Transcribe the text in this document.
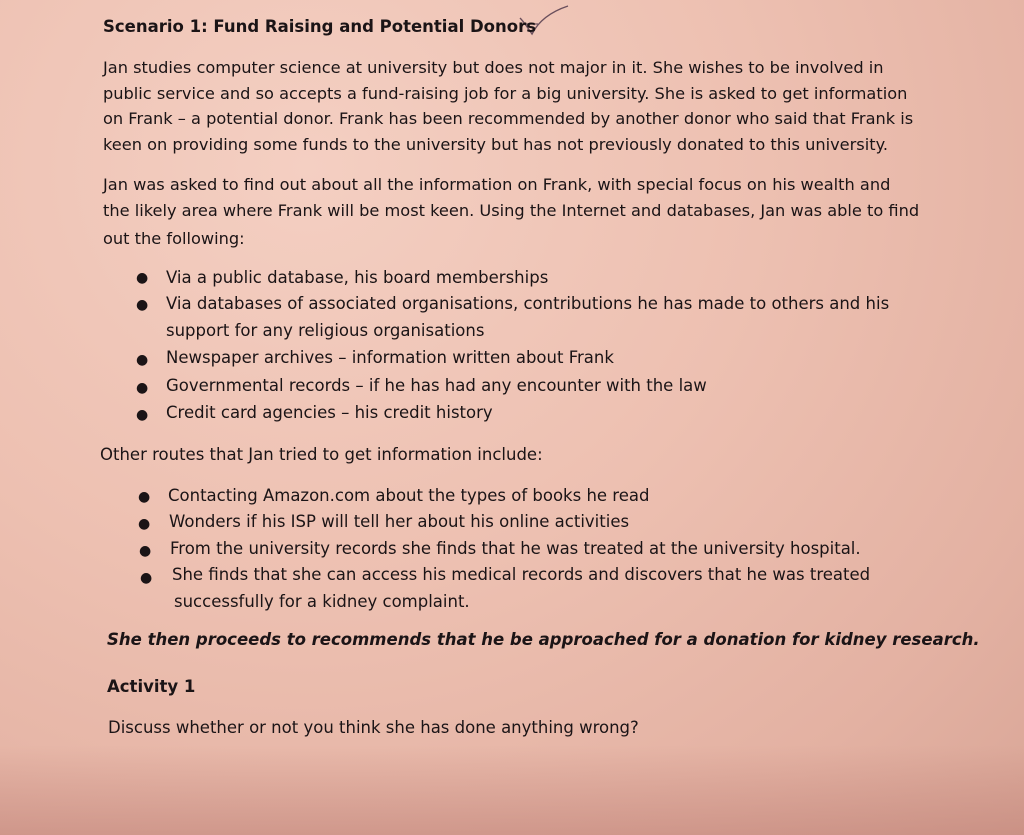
Scenario 1: Fund Raising and Potential Donors
Jan studies computer science at university but does not major in it. She wishes to be involved in
public service and so accepts a fund-raising job for a big university. She is asked to get information
on Frank – a potential donor. Frank has been recommended by another donor who said that Frank is
keen on providing some funds to the university but has not previously donated to this university.
Jan was asked to find out about all the information on Frank, with special focus on his wealth and
the likely area where Frank will be most keen. Using the Internet and databases, Jan was able to find
out the following:
● Via a public database, his board memberships
● Via databases of associated organisations, contributions he has made to others and his
support for any religious organisations
● Newspaper archives – information written about Frank
● Governmental records – if he has had any encounter with the law
● Credit card agencies – his credit history
Other routes that Jan tried to get information include:
● Contacting Amazon.com about the types of books he read
● Wonders if his ISP will tell her about his online activities
● From the university records she finds that he was treated at the university hospital.
● She finds that she can access his medical records and discovers that he was treated
successfully for a kidney complaint.
She then proceeds to recommends that he be approached for a donation for kidney research.
Activity 1
Discuss whether or not you think she has done anything wrong?
